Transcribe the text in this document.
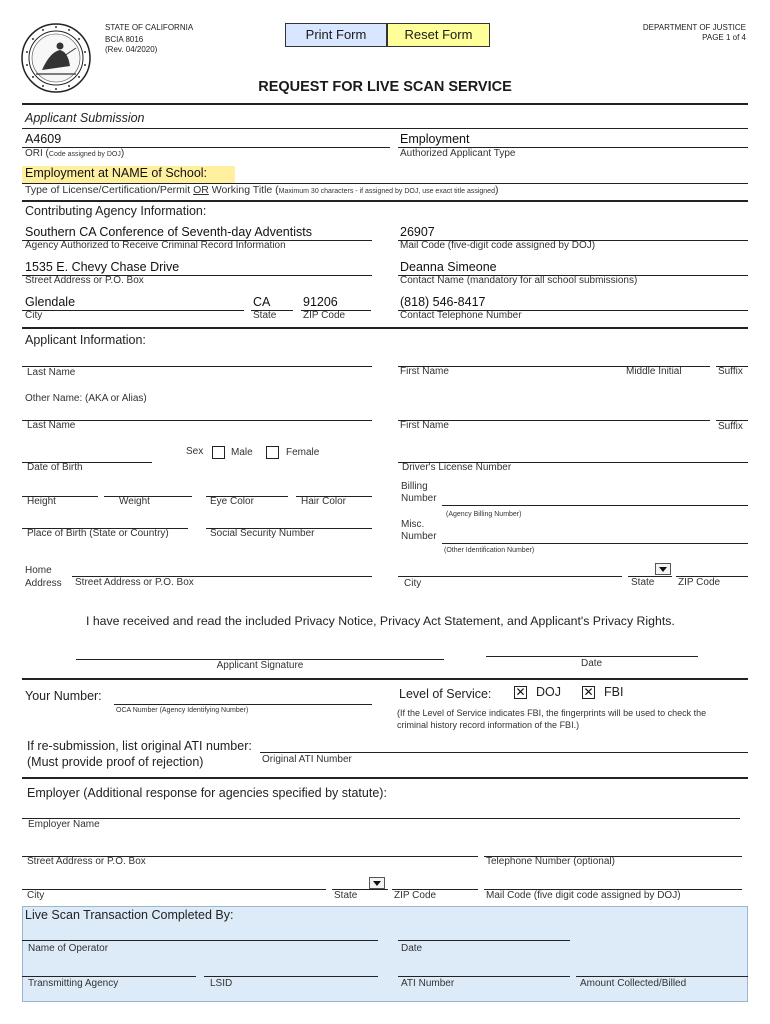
STATE OF CALIFORNIA
BCIA 8016
(Rev. 04/2020)
Print Form	Reset Form	DEPARTMENT OF JUSTICE
PAGE 1 of 4
REQUEST FOR LIVE SCAN SERVICE
Applicant Submission
A4609
ORI (Code assigned by DOJ)
Employment
Authorized Applicant Type
Employment at NAME of School:
Type of License/Certification/Permit OR Working Title (Maximum 30 characters - if assigned by DOJ, use exact title assigned)
Contributing Agency Information:
Southern CA Conference of Seventh-day Adventists
Agency Authorized to Receive Criminal Record Information
26907
Mail Code (five-digit code assigned by DOJ)
1535 E. Chevy Chase Drive
Street Address or P.O. Box
Deanna Simeone
Contact Name (mandatory for all school submissions)
Glendale
City
CA
State
91206
ZIP Code
(818) 546-8417
Contact Telephone Number
Applicant Information:
Last Name	First Name	Middle Initial	Suffix
Other Name: (AKA or Alias)
Last Name	First Name	Suffix
Sex	Male	Female
Date of Birth	Driver's License Number
Height	Weight	Eye Color	Hair Color
Billing
Number
(Agency Billing Number)
Place of Birth (State or Country)	Social Security Number
Misc.
Number
(Other Identification Number)
Home
Address Street Address or P.O. Box	City	State ZIP Code
I have received and read the included Privacy Notice, Privacy Act Statement, and Applicant's Privacy Rights.
Applicant Signature	Date
Your Number:
OCA Number (Agency Identifying Number)
Level of Service: ✕ DOJ ✕ FBI
(If the Level of Service indicates FBI, the fingerprints will be used to check the
criminal history record information of the FBI.)
If re-submission, list original ATI number:
(Must provide proof of rejection)	Original ATI Number
Employer (Additional response for agencies specified by statute):
Employer Name
Street Address or P.O. Box	Telephone Number (optional)
City	State	ZIP Code	Mail Code (five digit code assigned by DOJ)
Live Scan Transaction Completed By:
Name of Operator	Date
Transmitting Agency	LSID	ATI Number	Amount Collected/Billed
